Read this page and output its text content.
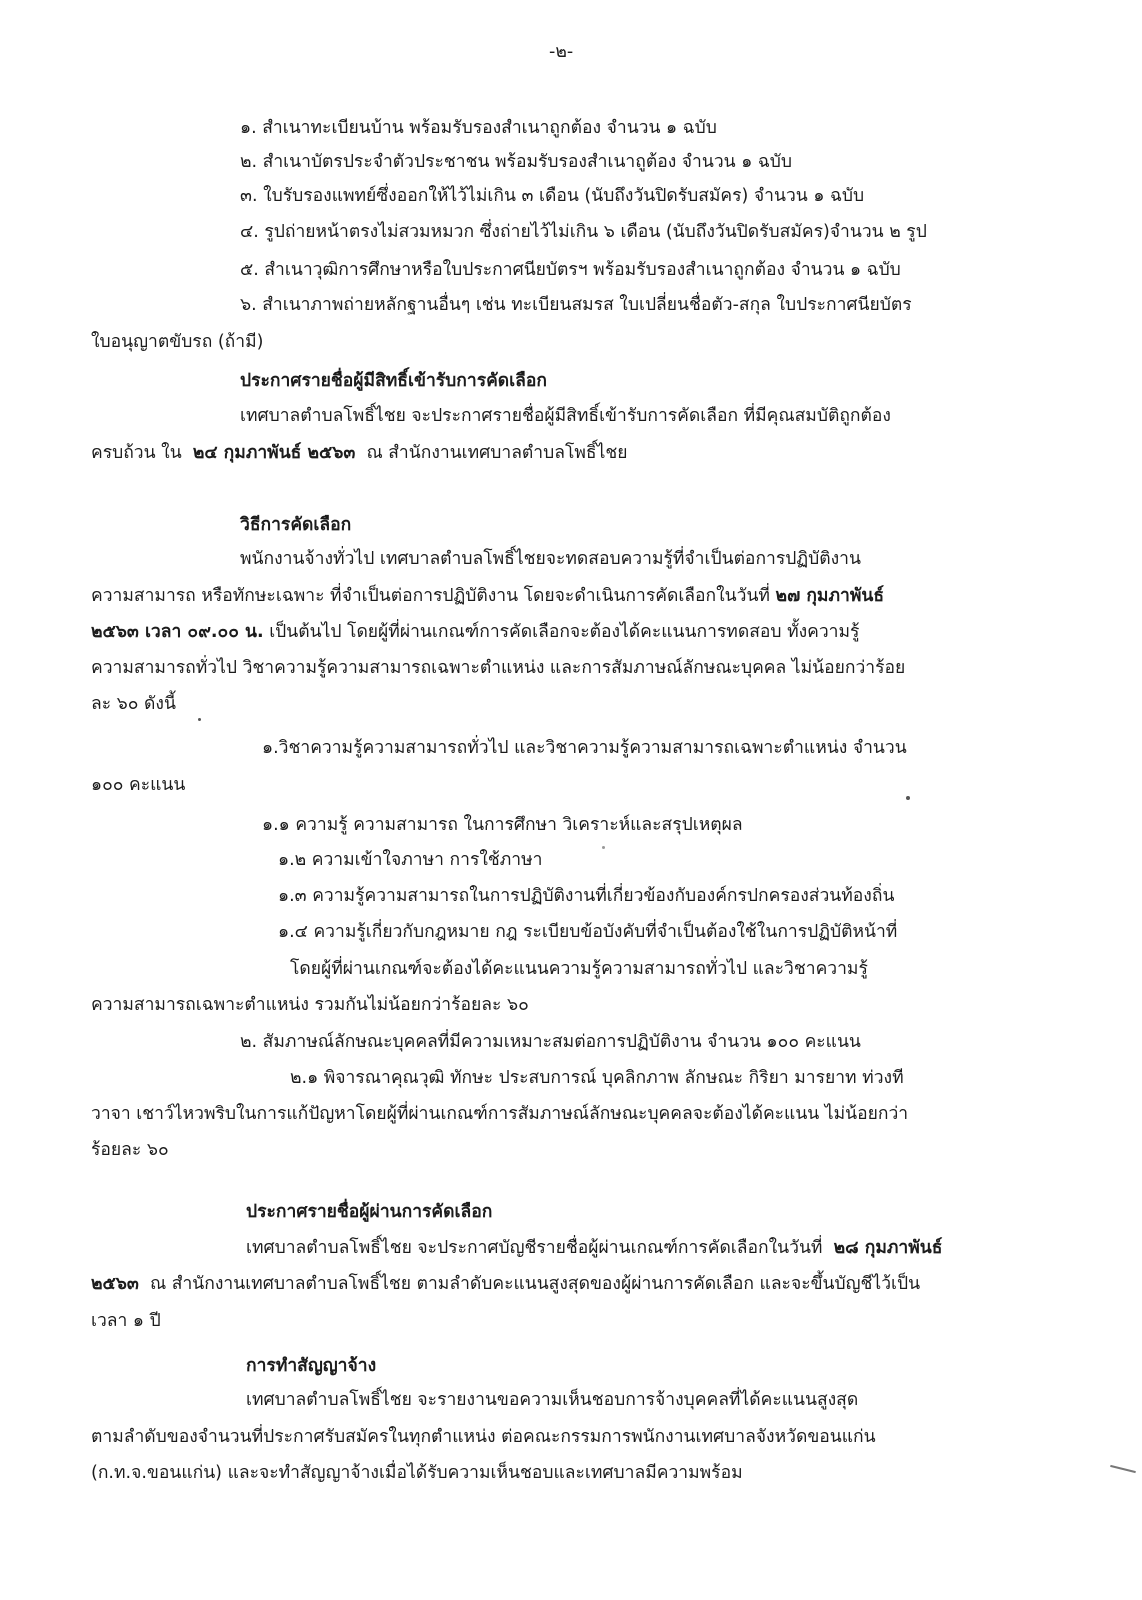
-๒-

๑. สำเนาทะเบียนบ้าน พร้อมรับรองสำเนาถูกต้อง จำนวน ๑ ฉบับ

๒. สำเนาบัตรประจำตัวประชาชน พร้อมรับรองสำเนาถูต้อง จำนวน ๑ ฉบับ

๓. ใบรับรองแพทย์ซึ่งออกให้ไว้ไม่เกิน ๓ เดือน (นับถึงวันปิดรับสมัคร) จำนวน ๑ ฉบับ

๔. รูปถ่ายหน้าตรงไม่สวมหมวก ซึ่งถ่ายไว้ไม่เกิน ๖ เดือน (นับถึงวันปิดรับสมัคร)จำนวน ๒ รูป

๕. สำเนาวุฒิการศึกษาหรือใบประกาศนียบัตรฯ พร้อมรับรองสำเนาถูกต้อง จำนวน ๑ ฉบับ

๖. สำเนาภาพถ่ายหลักฐานอื่นๆ เช่น ทะเบียนสมรส ใบเปลี่ยนชื่อตัว-สกุล ใบประกาศนียบัตร

ใบอนุญาตขับรถ (ถ้ามี)

ประกาศรายชื่อผู้มีสิทธิ์เข้ารับการคัดเลือก

เทศบาลตำบลโพธิ์ไชย จะประกาศรายชื่อผู้มีสิทธิ์เข้ารับการคัดเลือก ที่มีคุณสมบัติถูกต้อง

ครบถ้วน ใน ๒๔ กุมภาพันธ์ ๒๕๖๓ ณ สำนักงานเทศบาลตำบลโพธิ์ไชย

วิธีการคัดเลือก

พนักงานจ้างทั่วไป เทศบาลตำบลโพธิ์ไชยจะทดสอบความรู้ที่จำเป็นต่อการปฏิบัติงาน

ความสามารถ หรือทักษะเฉพาะ ที่จำเป็นต่อการปฏิบัติงาน โดยจะดำเนินการคัดเลือกในวันที่ ๒๗ กุมภาพันธ์

๒๕๖๓ เวลา ๐๙.๐๐ น. เป็นต้นไป โดยผู้ที่ผ่านเกณฑ์การคัดเลือกจะต้องได้คะแนนการทดสอบ ทั้งความรู้

ความสามารถทั่วไป วิชาความรู้ความสามารถเฉพาะตำแหน่ง และการสัมภาษณ์ลักษณะบุคคล ไม่น้อยกว่าร้อย

ละ ๖๐ ดังนี้

๑.วิชาความรู้ความสามารถทั่วไป และวิชาความรู้ความสามารถเฉพาะตำแหน่ง จำนวน

๑๐๐ คะแนน

๑.๑ ความรู้ ความสามารถ ในการศึกษา วิเคราะห์และสรุปเหตุผล

๑.๒ ความเข้าใจภาษา การใช้ภาษา

๑.๓ ความรู้ความสามารถในการปฏิบัติงานที่เกี่ยวข้องกับองค์กรปกครองส่วนท้องถิ่น

๑.๔ ความรู้เกี่ยวกับกฎหมาย กฎ ระเบียบข้อบังคับที่จำเป็นต้องใช้ในการปฏิบัติหน้าที่

โดยผู้ที่ผ่านเกณฑ์จะต้องได้คะแนนความรู้ความสามารถทั่วไป และวิชาความรู้

ความสามารถเฉพาะตำแหน่ง รวมกันไม่น้อยกว่าร้อยละ ๖๐

๒. สัมภาษณ์ลักษณะบุคคลที่มีความเหมาะสมต่อการปฏิบัติงาน จำนวน ๑๐๐ คะแนน

๒.๑ พิจารณาคุณวุฒิ ทักษะ ประสบการณ์ บุคลิกภาพ ลักษณะ กิริยา มารยาท ท่วงที

วาจา เชาว์ไหวพริบในการแก้ปัญหาโดยผู้ที่ผ่านเกณฑ์การสัมภาษณ์ลักษณะบุคคลจะต้องได้คะแนน ไม่น้อยกว่า

ร้อยละ ๖๐

ประกาศรายชื่อผู้ผ่านการคัดเลือก

เทศบาลตำบลโพธิ์ไชย จะประกาศบัญชีรายชื่อผู้ผ่านเกณฑ์การคัดเลือกในวันที่ ๒๘ กุมภาพันธ์

๒๕๖๓ ณ สำนักงานเทศบาลตำบลโพธิ์ไชย ตามลำดับคะแนนสูงสุดของผู้ผ่านการคัดเลือก และจะขึ้นบัญชีไว้เป็น

เวลา ๑ ปี

การทำสัญญาจ้าง

เทศบาลตำบลโพธิ์ไชย จะรายงานขอความเห็นชอบการจ้างบุคคลที่ได้คะแนนสูงสุด

ตามลำดับของจำนวนที่ประกาศรับสมัครในทุกตำแหน่ง ต่อคณะกรรมการพนักงานเทศบาลจังหวัดขอนแก่น

(ก.ท.จ.ขอนแก่น) และจะทำสัญญาจ้างเมื่อได้รับความเห็นชอบและเทศบาลมีความพร้อม
